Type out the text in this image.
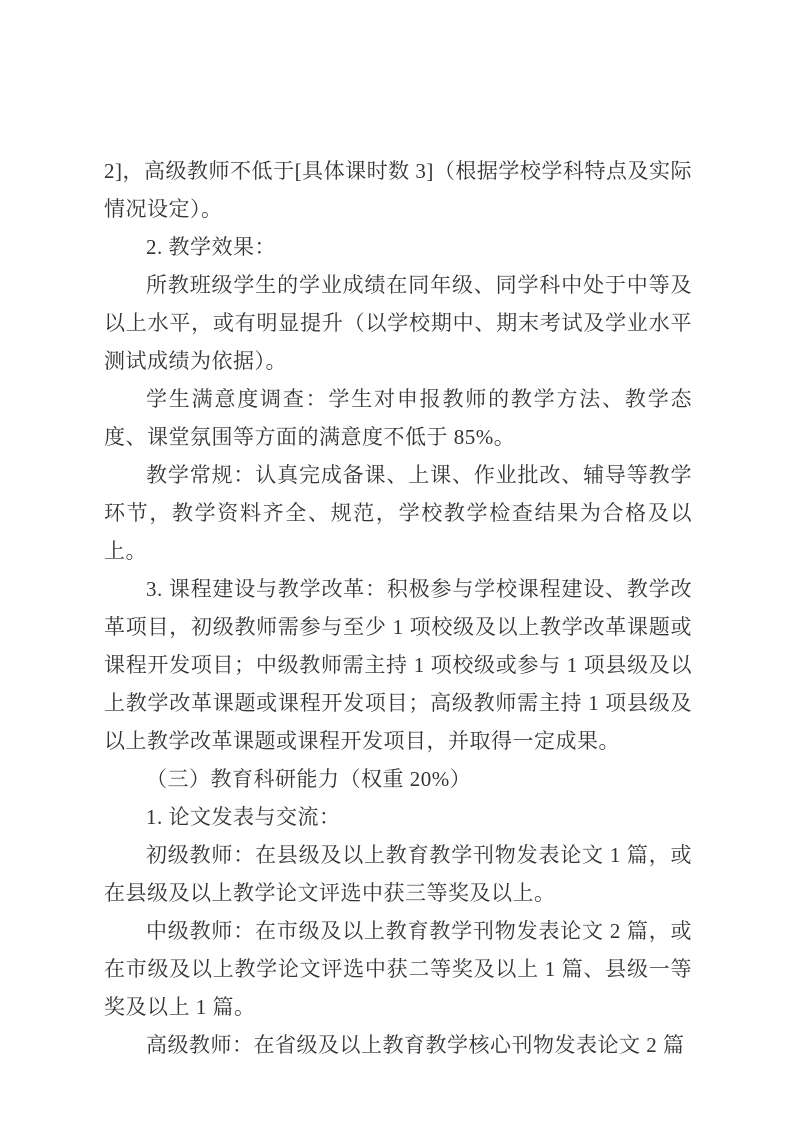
2]，高级教师不低于[具体课时数 3]（根据学校学科特点及实际情况设定）。

2. 教学效果：

所教班级学生的学业成绩在同年级、同学科中处于中等及以上水平，或有明显提升（以学校期中、期末考试及学业水平测试成绩为依据）。

学生满意度调查：学生对申报教师的教学方法、教学态度、课堂氛围等方面的满意度不低于 85%。

教学常规：认真完成备课、上课、作业批改、辅导等教学环节，教学资料齐全、规范，学校教学检查结果为合格及以上。

3. 课程建设与教学改革：积极参与学校课程建设、教学改革项目，初级教师需参与至少 1 项校级及以上教学改革课题或课程开发项目；中级教师需主持 1 项校级或参与 1 项县级及以上教学改革课题或课程开发项目；高级教师需主持 1 项县级及以上教学改革课题或课程开发项目，并取得一定成果。

（三）教育科研能力（权重 20%）

1. 论文发表与交流：

初级教师：在县级及以上教育教学刊物发表论文 1 篇，或在县级及以上教学论文评选中获三等奖及以上。

中级教师：在市级及以上教育教学刊物发表论文 2 篇，或在市级及以上教学论文评选中获二等奖及以上 1 篇、县级一等奖及以上 1 篇。

高级教师：在省级及以上教育教学核心刊物发表论文 2 篇
